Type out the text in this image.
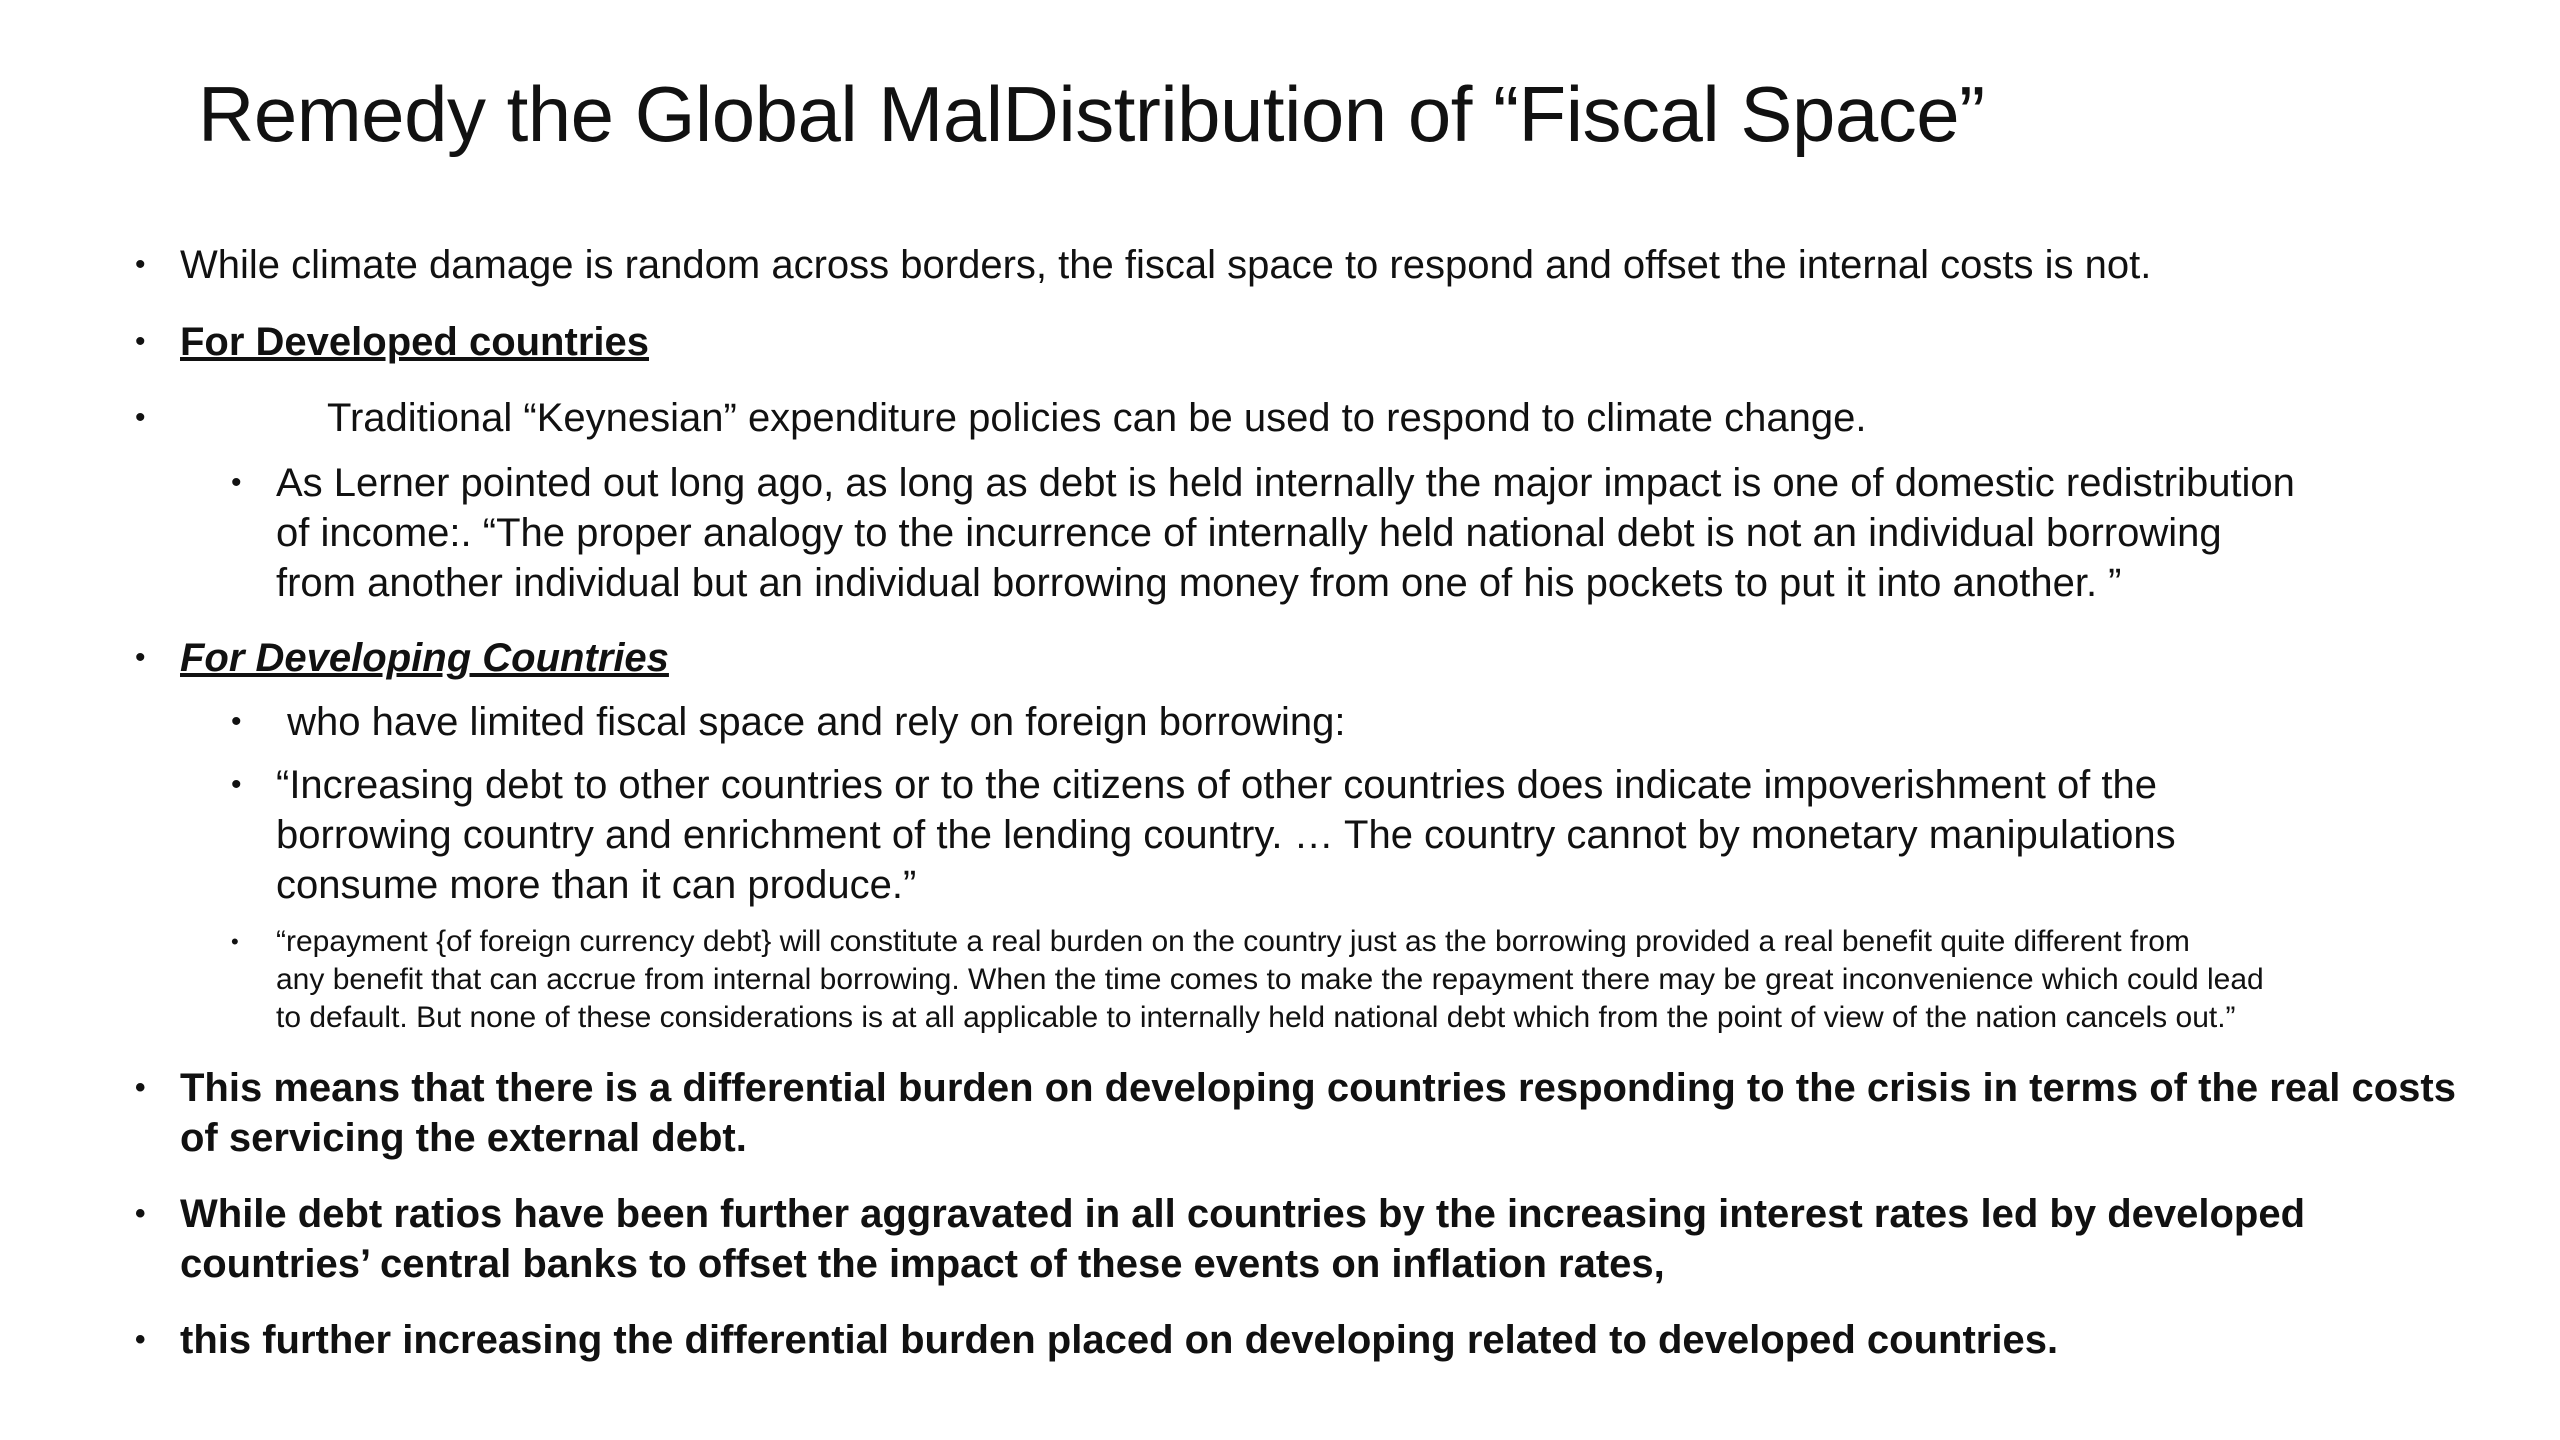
Remedy the Global MalDistribution of “Fiscal Space”
• While climate damage is random across borders, the fiscal space to respond and offset the internal costs is not.
• For Developed countries
•	Traditional “Keynesian” expenditure policies can be used to respond to climate change.
• As Lerner pointed out long ago, as long as debt is held internally the major impact is one of domestic redistribution
of income:. “The proper analogy to the incurrence of internally held national debt is not an individual borrowing
from another individual but an individual borrowing money from one of his pockets to put it into another. ”
• For Developing Countries
• who have limited fiscal space and rely on foreign borrowing:
• “Increasing debt to other countries or to the citizens of other countries does indicate impoverishment of the
borrowing country and enrichment of the lending country. … The country cannot by monetary manipulations
consume more than it can produce.”
• “repayment {of foreign currency debt} will constitute a real burden on the country just as the borrowing provided a real benefit quite different from
any benefit that can accrue from internal borrowing. When the time comes to make the repayment there may be great inconvenience which could lead
to default. But none of these considerations is at all applicable to internally held national debt which from the point of view of the nation cancels out.”
• This means that there is a differential burden on developing countries responding to the crisis in terms of the real costs
of servicing the external debt.
• While debt ratios have been further aggravated in all countries by the increasing interest rates led by developed
countries’ central banks to offset the impact of these events on inflation rates,
• this further increasing the differential burden placed on developing related to developed countries.
